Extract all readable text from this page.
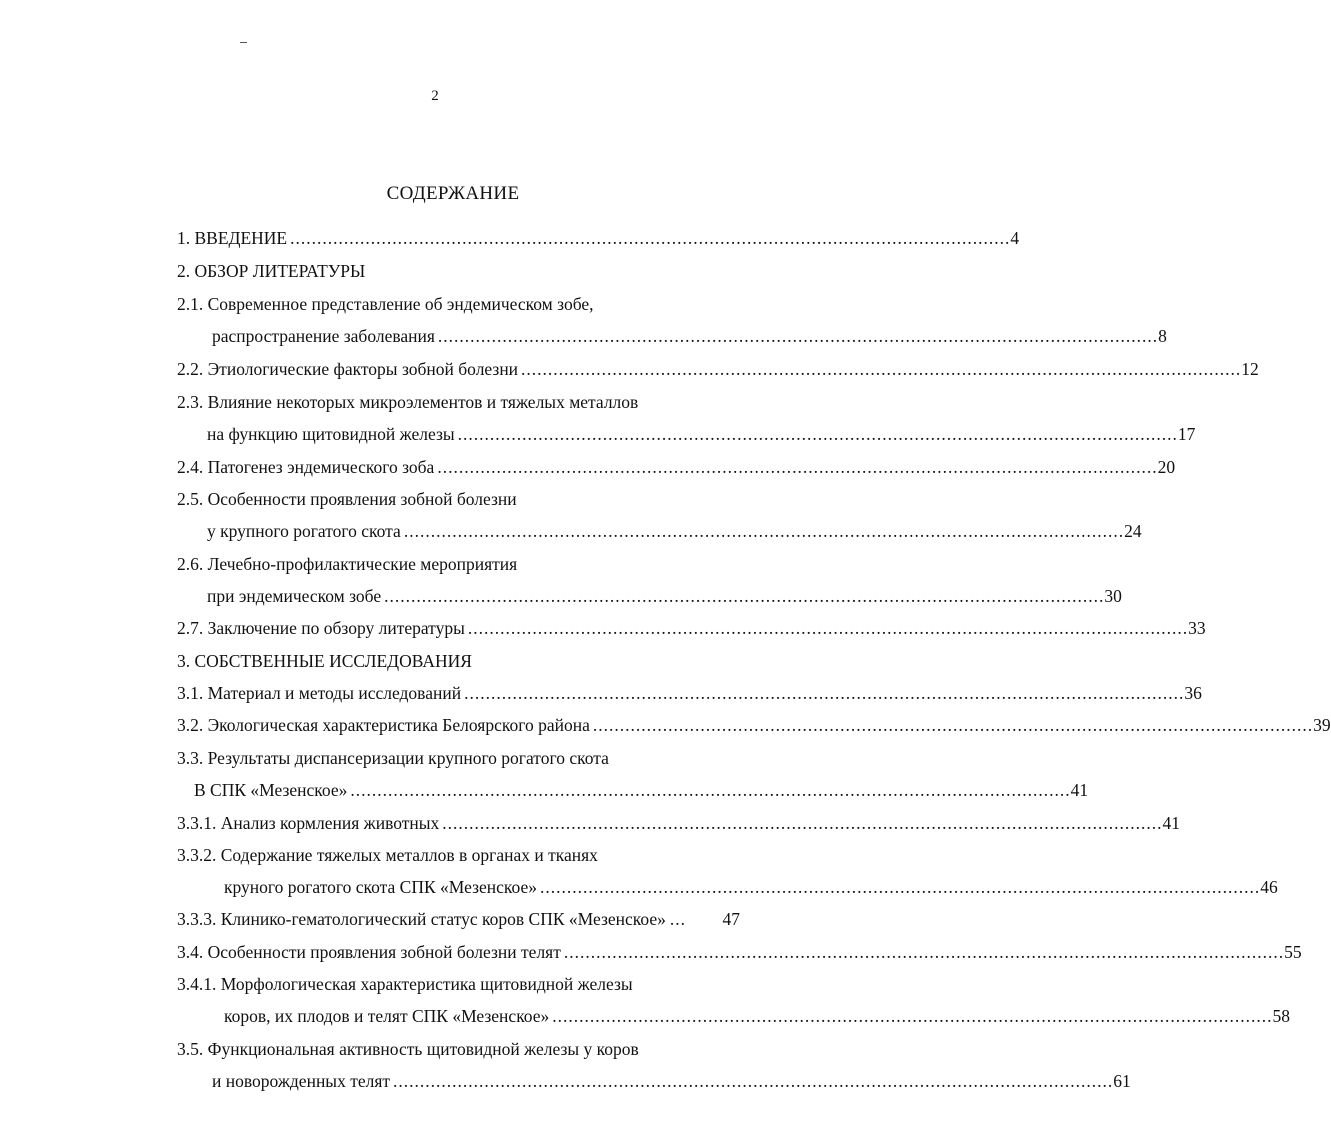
2
СОДЕРЖАНИЕ
1. ВВЕДЕНИЕ ...................................................................................................................................... 4
2. ОБЗОР ЛИТЕРАТУРЫ
2.1. Современное представление об эндемическом зобе,
распространение заболевания ...................................................................................................................................... 8
2.2. Этиологические факторы зобной болезни ...................................................................................................................................... 12
2.3. Влияние некоторых микроэлементов и тяжелых металлов
на функцию щитовидной железы ...................................................................................................................................... 17
2.4. Патогенез эндемического зоба ...................................................................................................................................... 20
2.5. Особенности проявления зобной болезни
у крупного рогатого скота ...................................................................................................................................... 24
2.6. Лечебно-профилактические мероприятия
при эндемическом зобе ...................................................................................................................................... 30
2.7. Заключение по обзору литературы ...................................................................................................................................... 33
3. СОБСТВЕННЫЕ ИССЛЕДОВАНИЯ
3.1. Материал и методы исследований ...................................................................................................................................... 36
3.2. Экологическая характеристика Белоярского района ...................................................................................................................................... 39
3.3. Результаты диспансеризации крупного рогатого скота
В СПК «Мезенское» ...................................................................................................................................... 41
3.3.1. Анализ кормления животных ...................................................................................................................................... 41
3.3.2. Содержание тяжелых металлов в органах и тканях
круного рогатого скота СПК «Мезенское» ...................................................................................................................................... 46
3.3.3. Клинико-гематологический статус коров СПК «Мезенское» ...	47
3.4. Особенности проявления зобной болезни телят ...................................................................................................................................... 55
3.4.1. Морфологическая характеристика щитовидной железы
коров, их плодов и телят СПК «Мезенское» ...................................................................................................................................... 58
3.5. Функциональная активность щитовидной железы у коров
и новорожденных телят ...................................................................................................................................... 61
